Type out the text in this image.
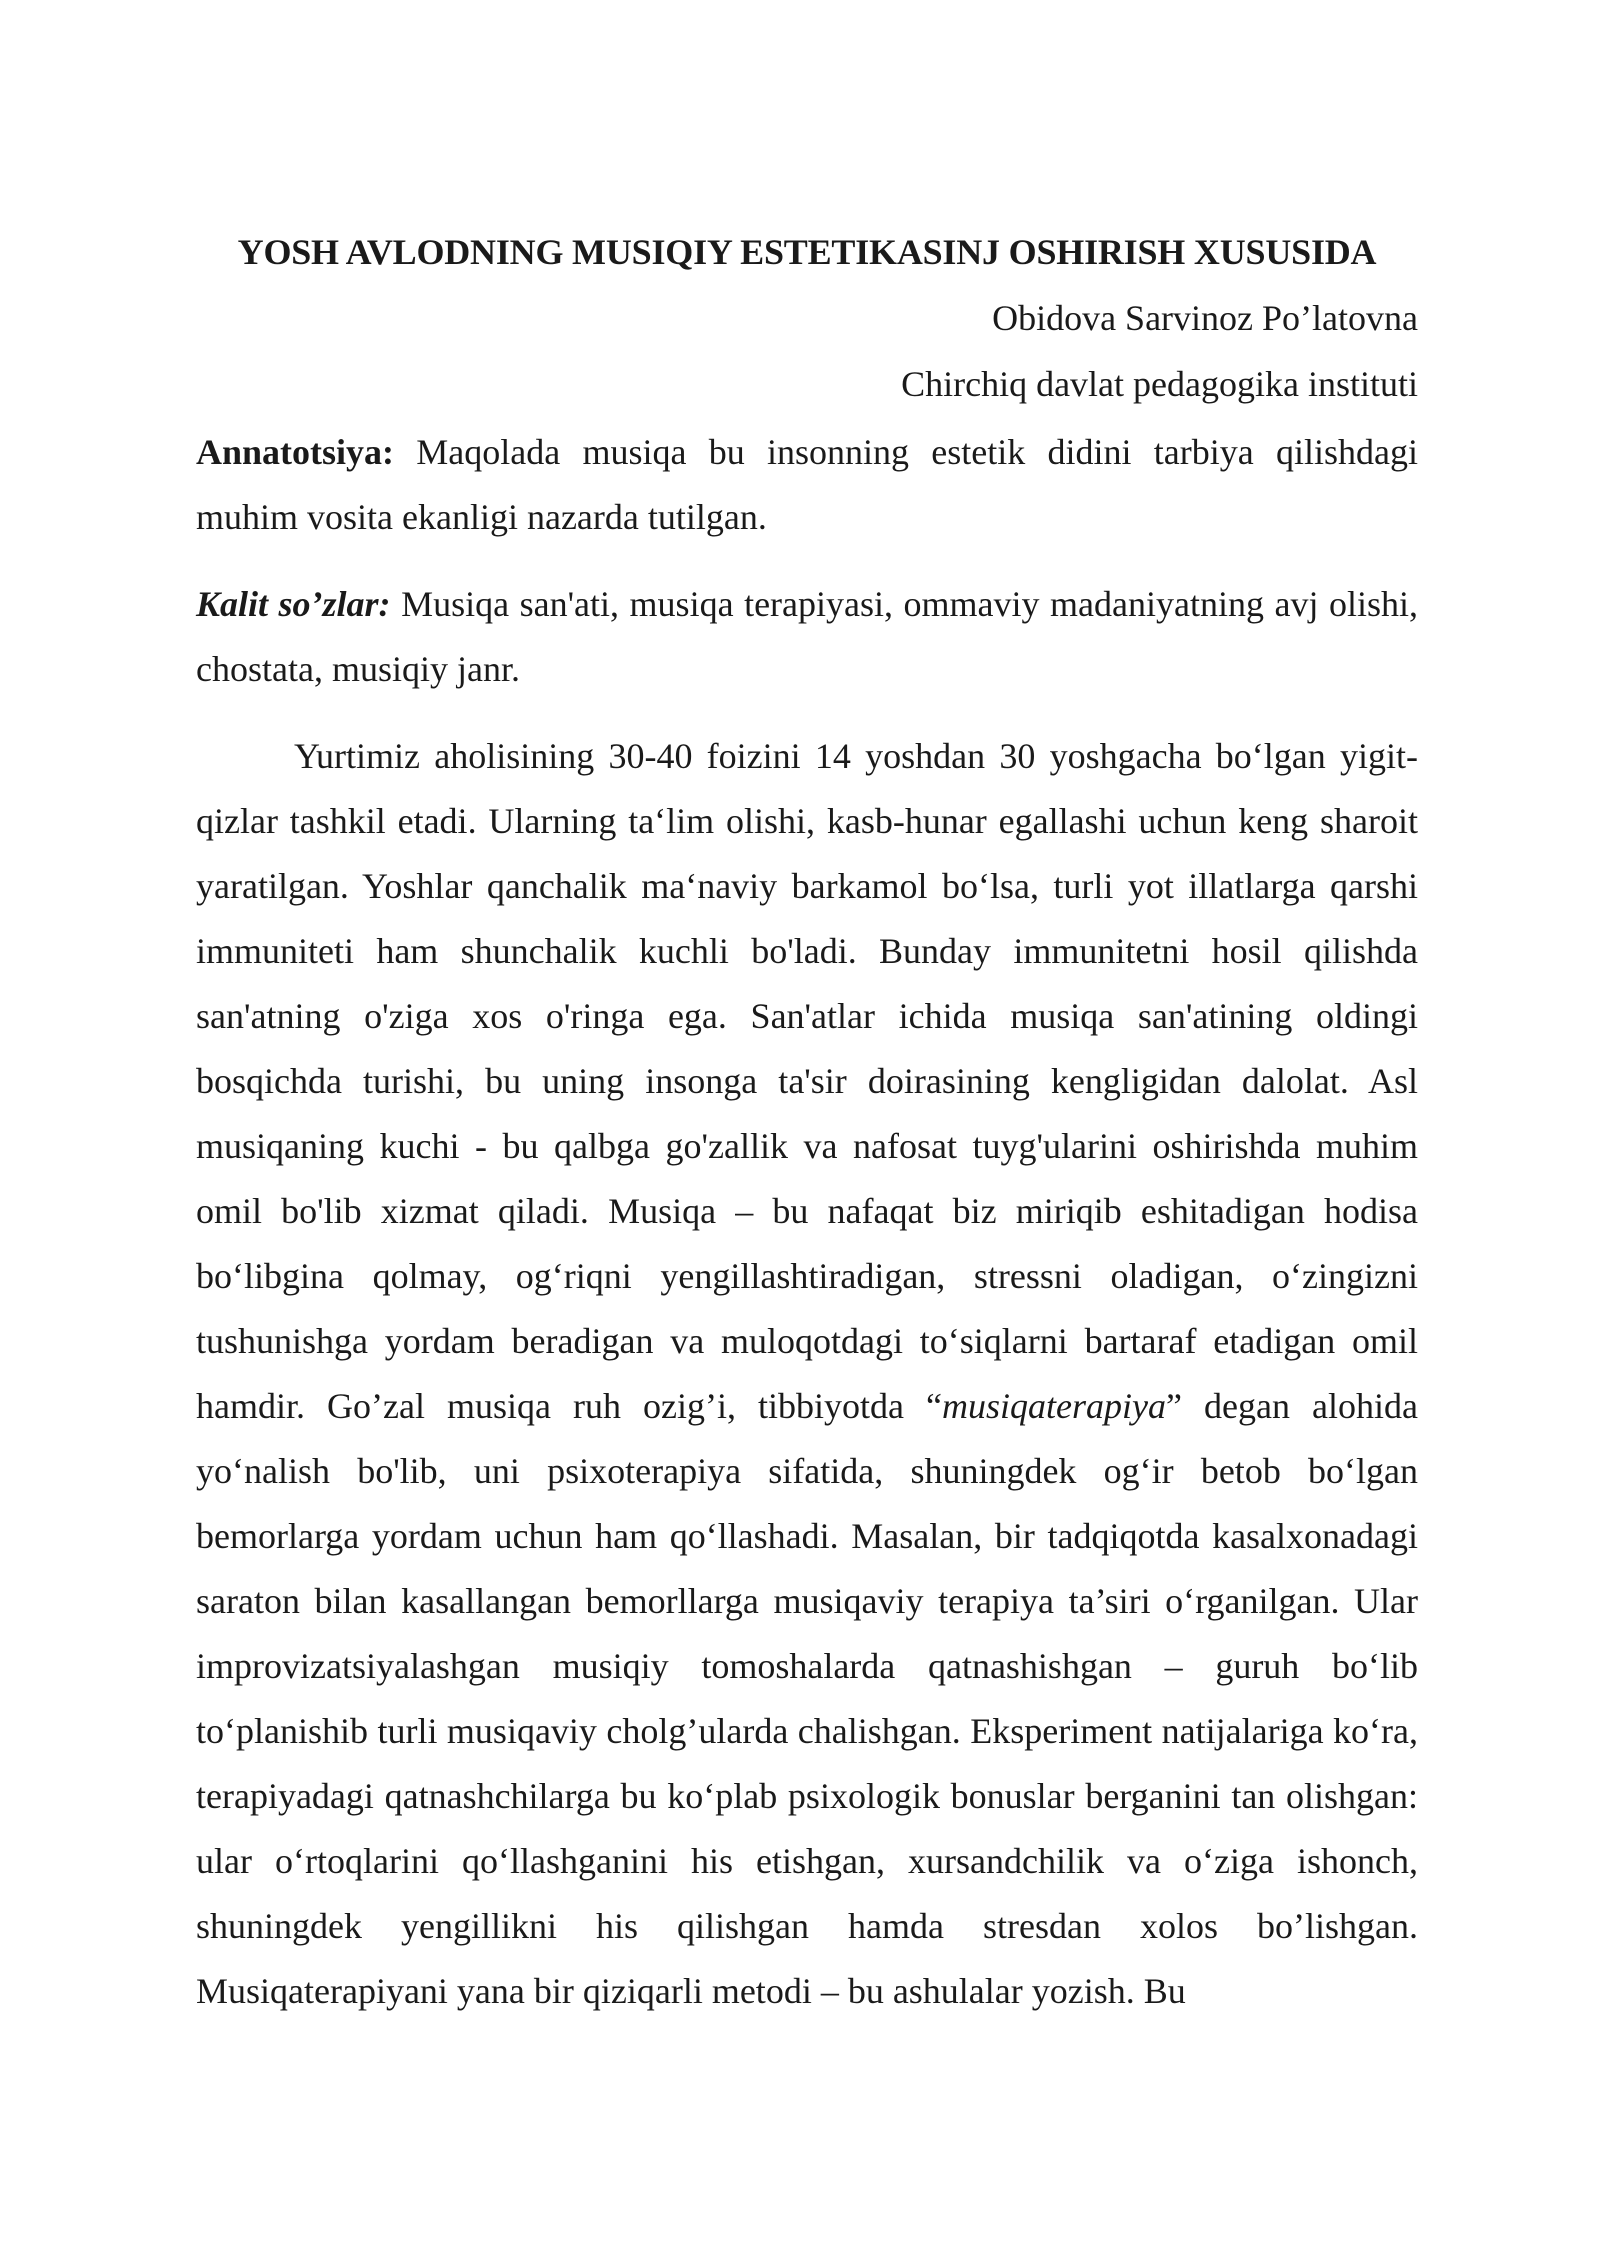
YOSH AVLODNING MUSIQIY ESTETIKASINJ OSHIRISH XUSUSIDA
Obidova Sarvinoz Po’latovna
Chirchiq davlat pedagogika instituti

Annatotsiya: Maqolada musiqa bu insonning estetik didini tarbiya qilishdagi muhim vosita ekanligi nazarda tutilgan.

Kalit so’zlar: Musiqa san'ati, musiqa terapiyasi, ommaviy madaniyatning avj olishi, chostata, musiqiy janr.

Yurtimiz aholisining 30-40 foizini 14 yoshdan 30 yoshgacha bo‘lgan yigit-qizlar tashkil etadi. Ularning ta‘lim olishi, kasb-hunar egallashi uchun keng sharoit yaratilgan. Yoshlar qanchalik ma‘naviy barkamol bo‘lsa, turli yot illatlarga qarshi immuniteti ham shunchalik kuchli bo'ladi. Bunday immunitetni hosil qilishda san'atning o'ziga xos o'ringa ega. San'atlar ichida musiqa san'atining oldingi bosqichda turishi, bu uning insonga ta'sir doirasining kengligidan dalolat. Asl musiqaning kuchi - bu qalbga go'zallik va nafosat tuyg'ularini oshirishda muhim omil bo'lib xizmat qiladi. Musiqa – bu nafaqat biz miriqib eshitadigan hodisa bo‘libgina qolmay, og‘riqni yengillashtiradigan, stressni oladigan, o‘zingizni tushunishga yordam beradigan va muloqotdagi to‘siqlarni bartaraf etadigan omil hamdir. Go’zal musiqa ruh ozig’i, tibbiyotda “musiqaterapiya” degan alohida yo‘nalish bo'lib, uni psixoterapiya sifatida, shuningdek og‘ir betob bo‘lgan bemorlarga yordam uchun ham qo‘llashadi. Masalan, bir tadqiqotda kasalxonadagi saraton bilan kasallangan bemorllarga musiqaviy terapiya ta’siri o‘rganilgan. Ular improvizatsiyalashgan musiqiy tomoshalarda qatnashishgan – guruh bo‘lib to‘planishib turli musiqaviy cholg’ularda chalishgan. Eksperiment natijalariga ko‘ra, terapiyadagi qatnashchilarga bu ko‘plab psixologik bonuslar berganini tan olishgan: ular o‘rtoqlarini qo‘llashganini his etishgan, xursandchilik va o‘ziga ishonch, shuningdek yengillikni his qilishgan hamda stresdan xolos bo’lishgan. Musiqaterapiyani yana bir qiziqarli metodi – bu ashulalar yozish. Bu
